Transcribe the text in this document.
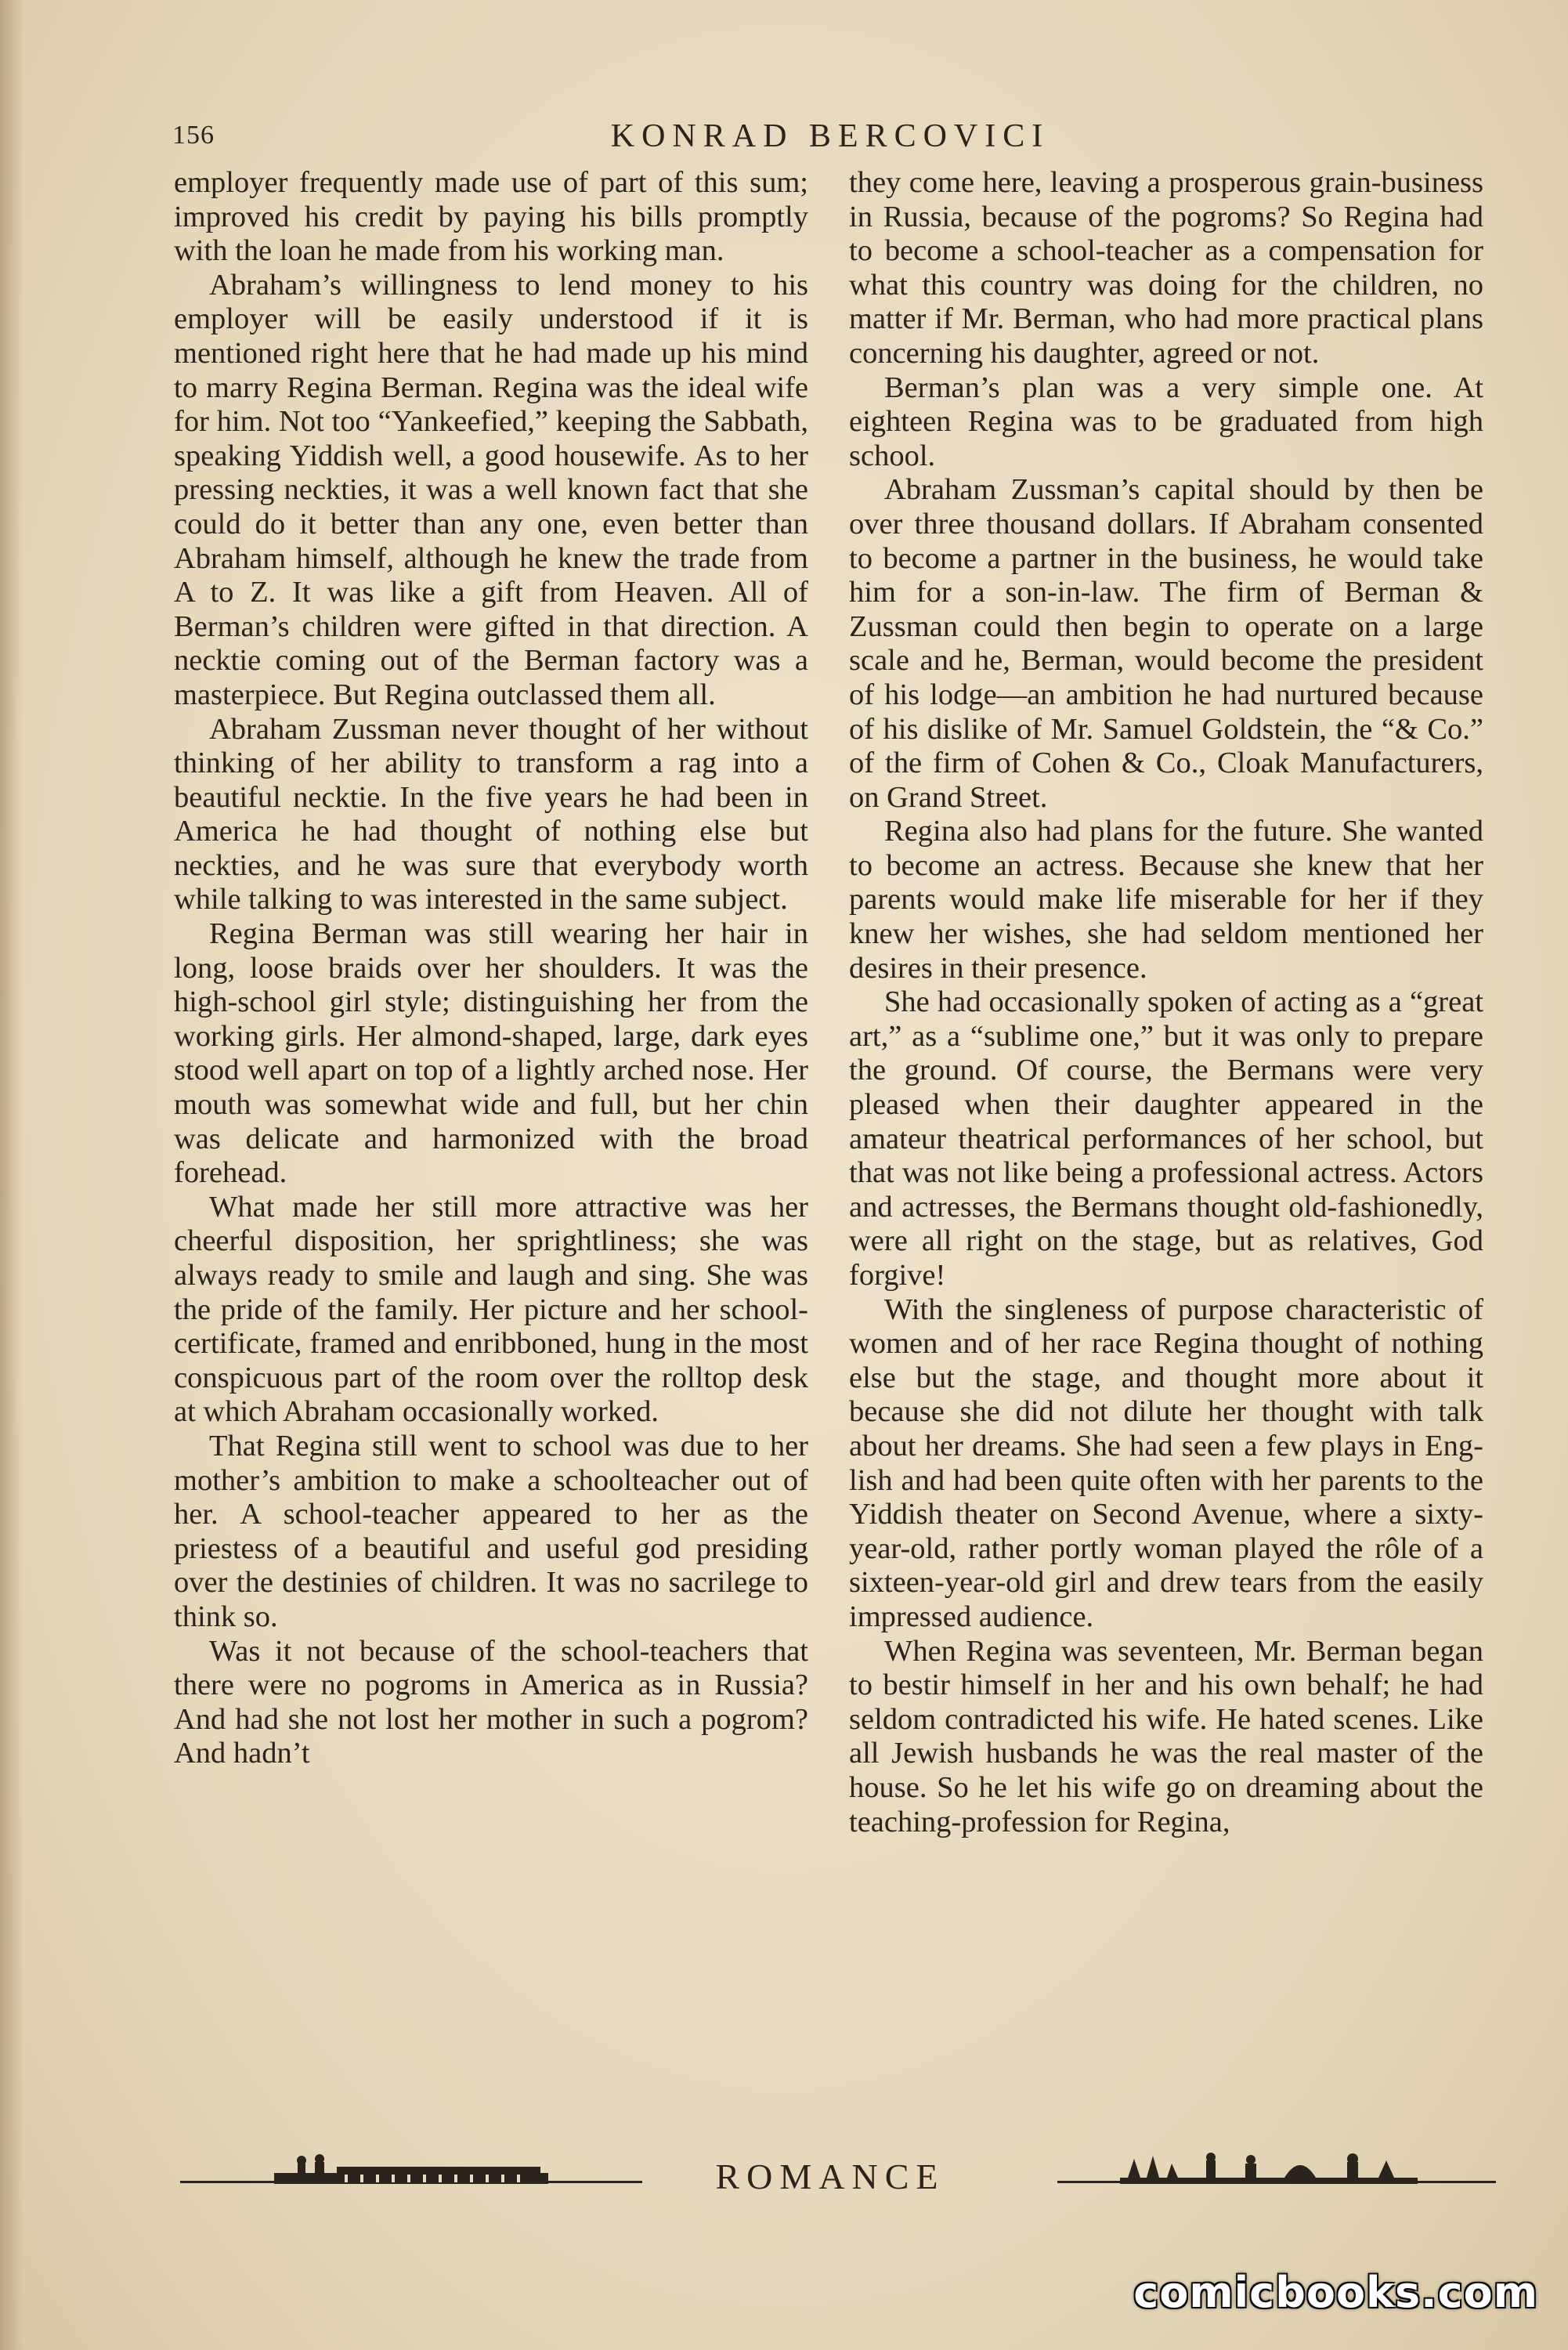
156	KONRAD BERCOVICI

employer frequently made use of part of this sum; improved his credit by paying his bills promptly with the loan he made from his working man.

Abraham’s willingness to lend money to his employer will be easily understood if it is mentioned right here that he had made up his mind to marry Regina Berman. Regina was the ideal wife for him. Not too “Yankeefied,” keeping the Sabbath, speaking Yiddish well, a good housewife. As to her pressing neckties, it was a well known fact that she could do it better than any one, even better than Abraham himself, although he knew the trade from A to Z. It was like a gift from Heaven. All of Berman’s children were gifted in that direction. A necktie coming out of the Berman factory was a masterpiece. But Regina outclassed them all.

Abraham Zussman never thought of her without thinking of her ability to transform a rag into a beautiful necktie. In the five years he had been in America he had thought of nothing else but neckties, and he was sure that everybody worth while talking to was interested in the same subject.

Regina Berman was still wearing her hair in long, loose braids over her shoulders. It was the high-school girl style; distinguishing her from the working girls. Her almond-shaped, large, dark eyes stood well apart on top of a lightly arched nose. Her mouth was somewhat wide and full, but her chin was delicate and harmonized with the broad forehead.

What made her still more attractive was her cheerful disposition, her sprightliness; she was always ready to smile and laugh and sing. She was the pride of the family. Her picture and her school-certificate, framed and enribboned, hung in the most conspicuous part of the room over the rolltop desk at which Abraham occasionally worked.

That Regina still went to school was due to her mother’s ambition to make a schoolteacher out of her. A school-teacher appeared to her as the priestess of a beautiful and useful god presiding over the destinies of children. It was no sacrilege to think so.

Was it not because of the school-teachers that there were no pogroms in America as in Russia? And had she not lost her mother in such a pogrom? And hadn’t

they come here, leaving a prosperous grain-business in Russia, because of the pogroms? So Regina had to become a school-teacher as a compensation for what this country was doing for the children, no matter if Mr. Berman, who had more practical plans concerning his daughter, agreed or not.

Berman’s plan was a very simple one. At eighteen Regina was to be graduated from high school.

Abraham Zussman’s capital should by then be over three thousand dollars. If Abraham consented to become a partner in the business, he would take him for a son-in-law. The firm of Berman & Zussman could then begin to operate on a large scale and he, Berman, would become the president of his lodge—an ambition he had nurtured because of his dislike of Mr. Samuel Goldstein, the “& Co.” of the firm of Cohen & Co., Cloak Manufacturers, on Grand Street.

Regina also had plans for the future. She wanted to become an actress. Because she knew that her parents would make life miserable for her if they knew her wishes, she had seldom mentioned her desires in their presence.

She had occasionally spoken of acting as a “great art,” as a “sublime one,” but it was only to prepare the ground. Of course, the Bermans were very pleased when their daughter appeared in the amateur theatrical performances of her school, but that was not like being a professional actress. Actors and actresses, the Bermans thought old-fashionedly, were all right on the stage, but as relatives, God forgive!

With the singleness of purpose characteristic of women and of her race Regina thought of nothing else but the stage, and thought more about it because she did not dilute her thought with talk about her dreams. She had seen a few plays in English and had been quite often with her parents to the Yiddish theater on Second Avenue, where a sixty-year-old, rather portly woman played the rôle of a sixteen-year-old girl and drew tears from the easily impressed audience.

When Regina was seventeen, Mr. Berman began to bestir himself in her and his own behalf; he had seldom contradicted his wife. He hated scenes. Like all Jewish husbands he was the real master of the house. So he let his wife go on dreaming about the teaching-profession for Regina,

ROMANCE
comicbooks.com
